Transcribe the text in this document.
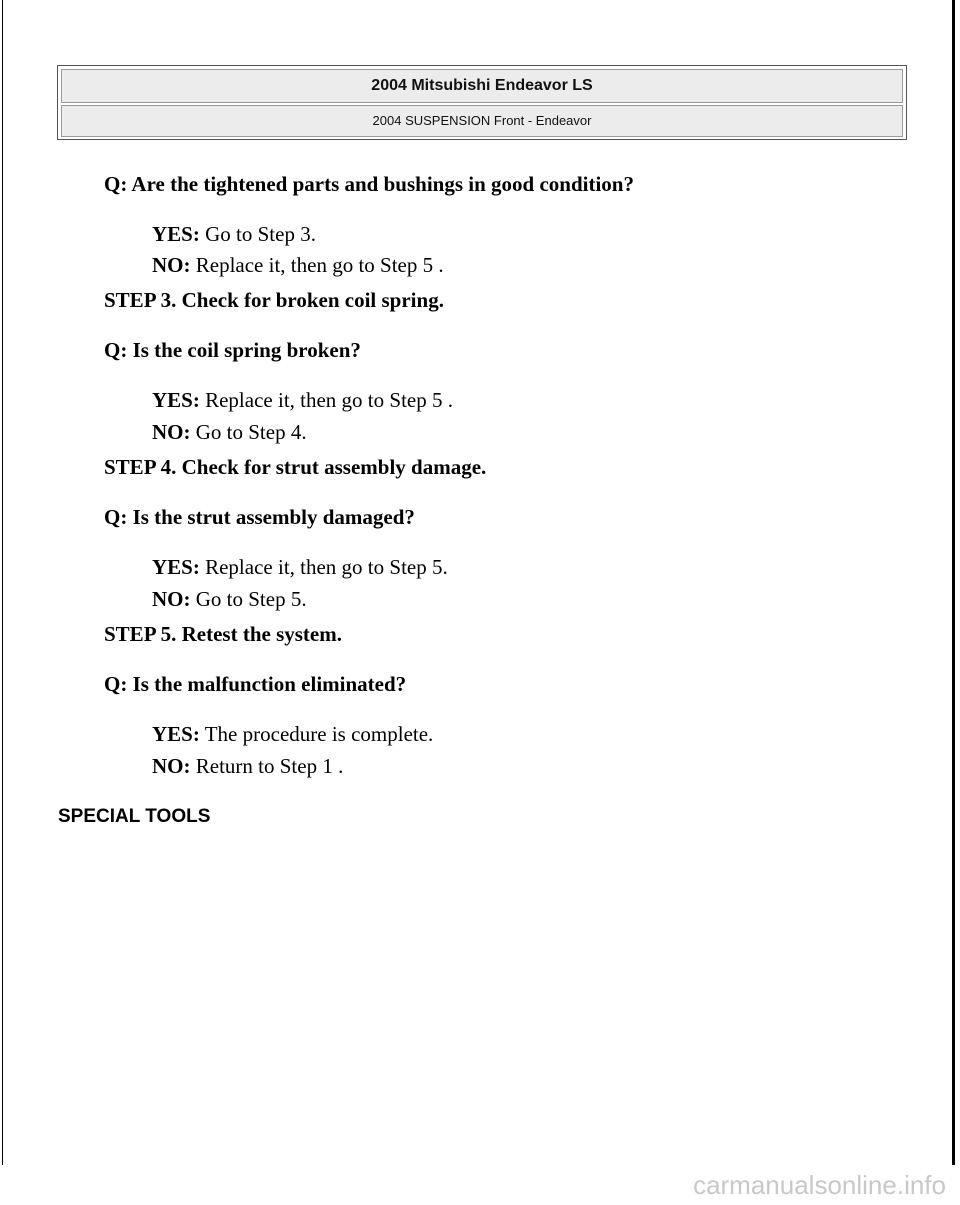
2004 Mitsubishi Endeavor LS
2004 SUSPENSION Front - Endeavor
Q: Are the tightened parts and bushings in good condition?
YES: Go to Step 3.
NO: Replace it, then go to Step 5 .
STEP 3. Check for broken coil spring.
Q: Is the coil spring broken?
YES: Replace it, then go to Step 5 .
NO: Go to Step 4.
STEP 4. Check for strut assembly damage.
Q: Is the strut assembly damaged?
YES: Replace it, then go to Step 5.
NO: Go to Step 5.
STEP 5. Retest the system.
Q: Is the malfunction eliminated?
YES: The procedure is complete.
NO: Return to Step 1 .
SPECIAL TOOLS
carmanualsonline.info
